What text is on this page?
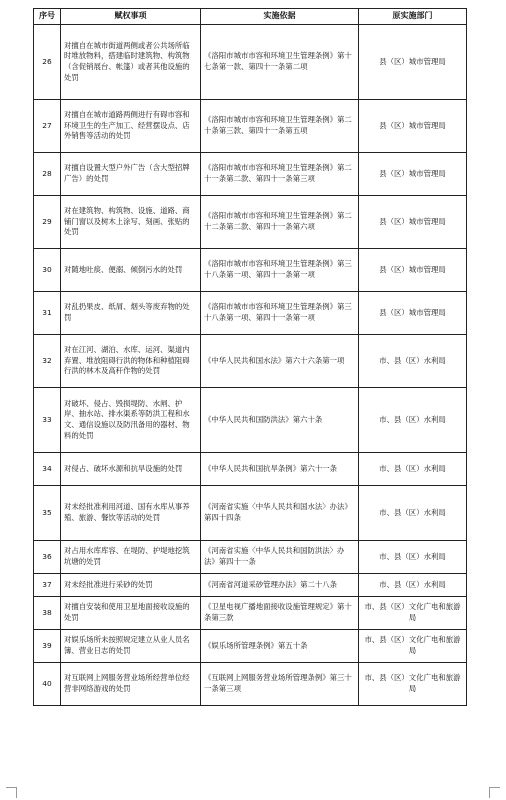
序号	赋权事项	实施依据	原实施部门
26	对擅自在城市街道两侧或者公共场所临时堆放物料，搭建临时建筑物、构筑物（含促销展台、帐篷）或者其他设施的处罚	《洛阳市城市市容和环境卫生管理条例》第十七条第一款、第四十一条第二项	县（区）城市管理局
27	对擅自在城市道路两侧进行有碍市容和环境卫生的生产加工、经营摆设点、店外销售等活动的处罚	《洛阳市城市市容和环境卫生管理条例》第二十条第三款、第四十一条第五项	县（区）城市管理局
28	对擅自设置大型户外广告（含大型招牌广告）的处罚	《洛阳市城市市容和环境卫生管理条例》第二十一条第二款、第四十一条第三项	县（区）城市管理局
29	对在建筑物、构筑物、设施、道路、商铺门窗以及树木上涂写、刻画、张贴的处罚	《洛阳市城市市容和环境卫生管理条例》第二十二条第二款、第四十一条第六项	县（区）城市管理局
30	对随地吐痰、便溺、倾倒污水的处罚	《洛阳市城市市容和环境卫生管理条例》第三十八条第一项、第四十一条第一项	县（区）城市管理局
31	对乱扔果皮、纸屑、烟头等废弃物的处罚	《洛阳市城市市容和环境卫生管理条例》第三十八条第一项、第四十一条第一项	县（区）城市管理局
32	对在江河、湖泊、水库、运河、渠道内弃置、堆放阻碍行洪的物体和种植阻碍行洪的林木及高秆作物的处罚	《中华人民共和国水法》第六十六条第一项	市、县（区）水利局
33	对破坏、侵占、毁损堤防、水闸、护岸、抽水站、排水渠系等防洪工程和水文、通信设施以及防汛备用的器材、物料的处罚	《中华人民共和国防洪法》第六十条	市、县（区）水利局
34	对侵占、破坏水源和抗旱设施的处罚	《中华人民共和国抗旱条例》第六十一条	市、县（区）水利局
35	对未经批准利用河道、国有水库从事养殖、旅游、餐饮等活动的处罚	《河南省实施〈中华人民共和国水法〉办法》第四十四条	市、县（区）水利局
36	对占用水库库容、在堤防、护堤地挖筑坑塘的处罚	《河南省实施〈中华人民共和国防洪法〉办法》第四十一条	市、县（区）水利局
37	对未经批准进行采砂的处罚	《河南省河道采砂管理办法》第二十八条	市、县（区）水利局
38	对擅自安装和使用卫星地面接收设施的处罚	《卫星电视广播地面接收设施管理规定》第十条第三款	市、县（区）文化广电和旅游局
39	对娱乐场所未按照规定建立从业人员名簿、营业日志的处罚	《娱乐场所管理条例》第五十条	市、县（区）文化广电和旅游局
40	对互联网上网服务营业场所经营单位经营非网络游戏的处罚	《互联网上网服务营业场所管理条例》第三十一条第三项	市、县（区）文化广电和旅游局
